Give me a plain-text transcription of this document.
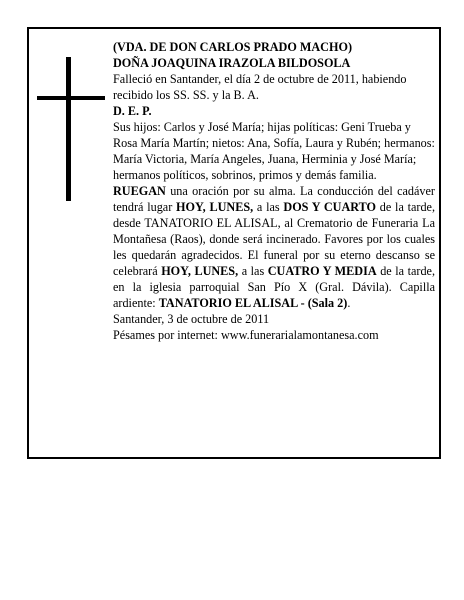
(VDA. DE DON CARLOS PRADO MACHO)

DOÑA JOAQUINA IRAZOLA BILDOSOLA

Falleció en Santander, el día 2 de octubre de 2011, habiendo recibido los SS. SS. y la B. A.

D. E. P.

Sus hijos: Carlos y José María; hijas políticas: Geni Trueba y Rosa María Martín; nietos: Ana, Sofía, Laura y Rubén; hermanos: María Victoria, María Angeles, Juana, Herminia y José María; hermanos políticos, sobrinos, primos y demás familia.

RUEGAN una oración por su alma. La conducción del cadáver tendrá lugar HOY, LUNES, a las DOS Y CUARTO de la tarde, desde TANATORIO EL ALISAL, al Crematorio de Funeraria La Montañesa (Raos), donde será incinerado. Favores por los cuales les quedarán agradecidos. El funeral por su eterno descanso se celebrará HOY, LUNES, a las CUATRO Y MEDIA de la tarde, en la iglesia parroquial San Pío X (Gral. Dávila). Capilla ardiente: TANATORIO EL ALISAL - (Sala 2).

Santander, 3 de octubre de 2011

Pésames por internet: www.funerarialamontanesa.com
